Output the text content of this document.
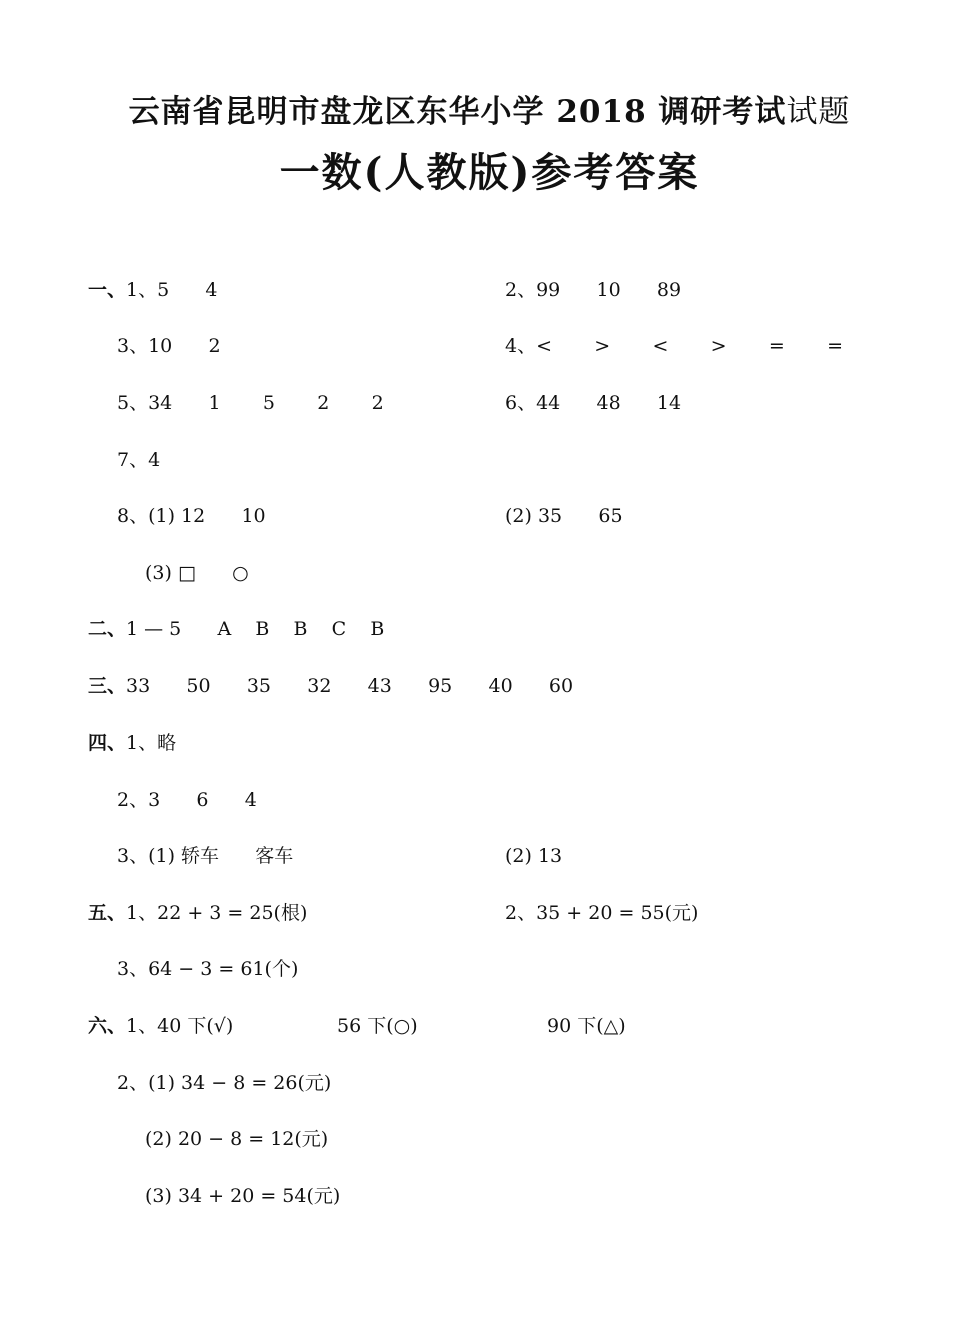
云南省昆明市盘龙区东华小学 2018 调研考试试题
一数(人教版)参考答案
一、1、5      4	2、99      10      89
3、10      2	4、<       >       <       >       =       =
5、34      1       5       2       2	6、44      48      14
7、4
8、(1) 12      10	(2) 35      65
(3) □      ○
二、1 — 5      A    B    B    C    B
三、33      50      35      32      43      95      40      60
四、1、略
2、3      6      4
3、(1) 轿车      客车	(2) 13
五、1、22 + 3 = 25(根)	2、35 + 20 = 55(元)
3、64 − 3 = 61(个)
六、1、40 下(√)	56 下(○)	90 下(△)
2、(1) 34 − 8 = 26(元)
(2) 20 − 8 = 12(元)
(3) 34 + 20 = 54(元)
